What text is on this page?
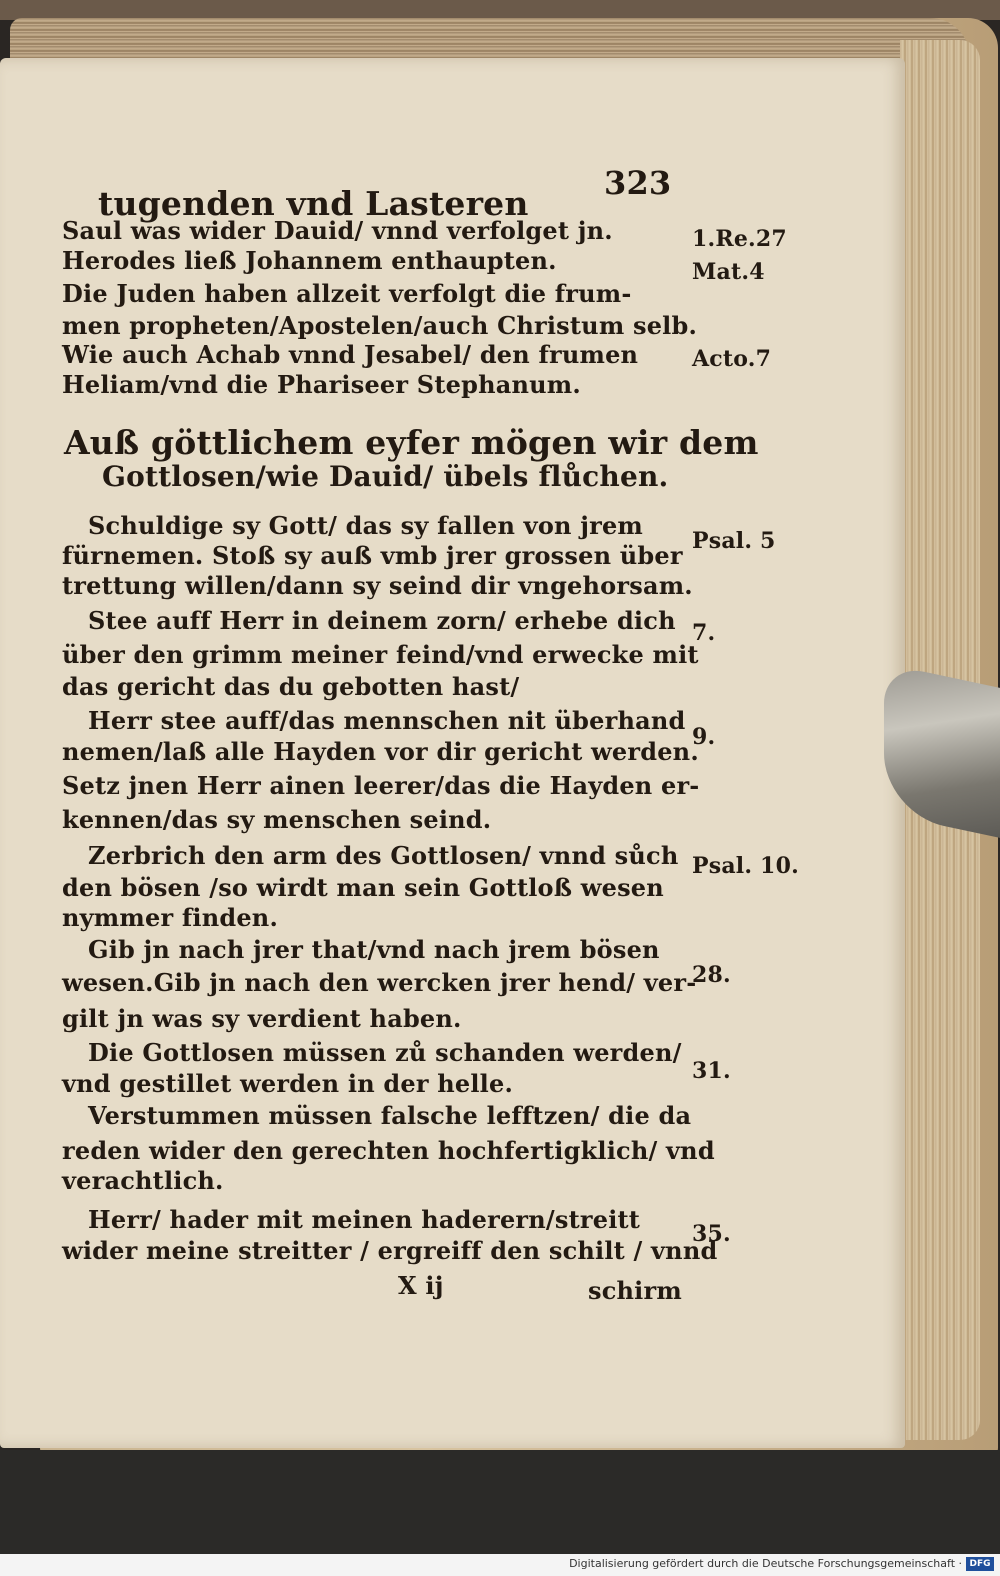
tugenden vnd Lasteren
323
Saul was wider Dauid/ vnnd verfolget jn.
Herodes ließ Johannem enthaupten.
Die Juden haben allzeit verfolgt die frum-
men propheten/Apostelen/auch Christum selb.
Wie auch Achab vnnd Jesabel/ den frumen
Heliam/vnd die Phariseer Stephanum.
1.Re.27
Mat.4
Acto.7
Auß göttlichem eyfer mögen wir dem
Gottlosen/wie Dauid/ übels flůchen.
Schuldige sy Gott/ das sy fallen von jrem
fürnemen. Stoß sy auß vmb jrer grossen über
trettung willen/dann sy seind dir vngehorsam.
Stee auff Herr in deinem zorn/ erhebe dich
über den grimm meiner feind/vnd erwecke mit
das gericht das du gebotten hast/
Herr stee auff/das mennschen nit überhand
nemen/laß alle Hayden vor dir gericht werden.
Setz jnen Herr ainen leerer/das die Hayden er-
kennen/das sy menschen seind.
Zerbrich den arm des Gottlosen/ vnnd sůch
den bösen /so wirdt man sein Gottloß wesen
nymmer finden.
Gib jn nach jrer that/vnd nach jrem bösen
wesen.Gib jn nach den wercken jrer hend/ ver-
gilt jn was sy verdient haben.
Die Gottlosen müssen zů schanden werden/
vnd gestillet werden in der helle.
Verstummen müssen falsche lefftzen/ die da
reden wider den gerechten hochfertigklich/ vnd
verachtlich.
Herr/ hader mit meinen haderern/streitt
wider meine streitter / ergreiff den schilt / vnnd
Psal. 5
7.
9.
Psal. 10.
28.
31.
35.
X ij	schirm
Digitalisierung gefördert durch die Deutsche Forschungsgemeinschaft · DFG
